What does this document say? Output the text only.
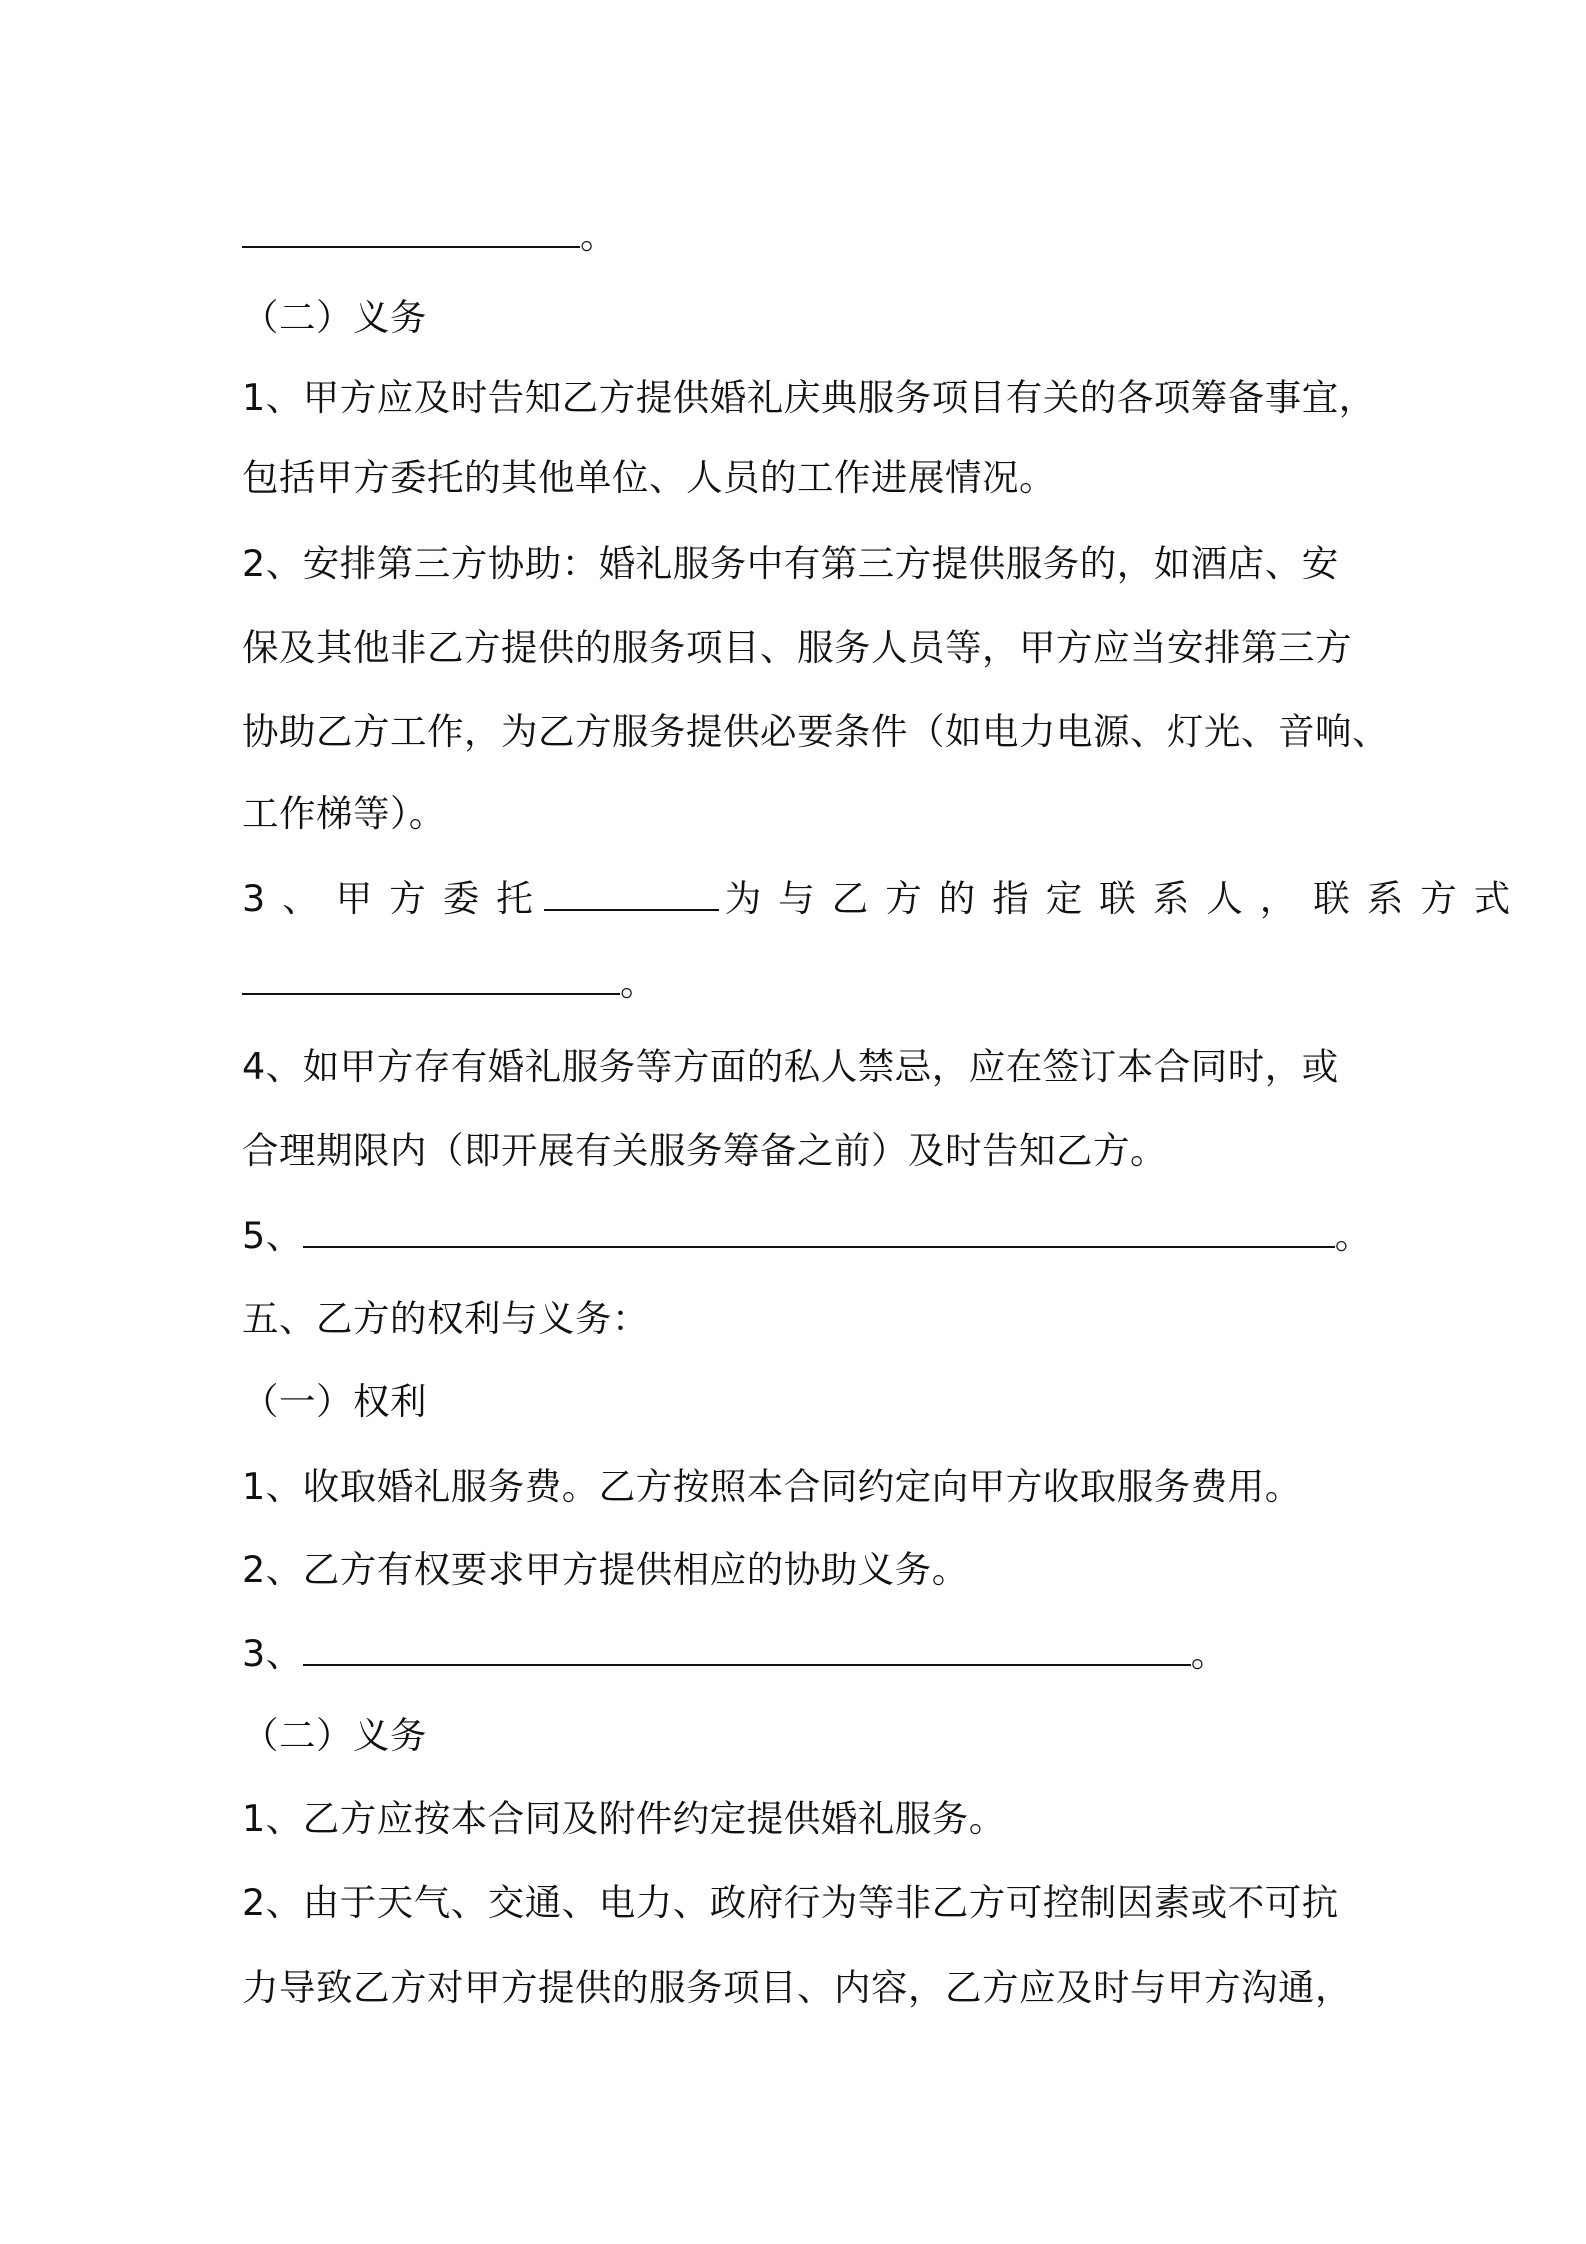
。
（二）义务
1、甲方应及时告知乙方提供婚礼庆典服务项目有关的各项筹备事宜，
包括甲方委托的其他单位、人员的工作进展情况。
2、安排第三方协助：婚礼服务中有第三方提供服务的，如酒店、安
保及其他非乙方提供的服务项目、服务人员等，甲方应当安排第三方
协助乙方工作，为乙方服务提供必要条件（如电力电源、灯光、音响、
工作梯等）。
3、甲方委托	为与乙方的指定联系人，联系方式
。
4、如甲方存有婚礼服务等方面的私人禁忌，应在签订本合同时，或
合理期限内（即开展有关服务筹备之前）及时告知乙方。
5、	。
五、乙方的权利与义务：
（一）权利
1、收取婚礼服务费。乙方按照本合同约定向甲方收取服务费用。
2、乙方有权要求甲方提供相应的协助义务。
3、	。
（二）义务
1、乙方应按本合同及附件约定提供婚礼服务。
2、由于天气、交通、电力、政府行为等非乙方可控制因素或不可抗
力导致乙方对甲方提供的服务项目、内容，乙方应及时与甲方沟通，
